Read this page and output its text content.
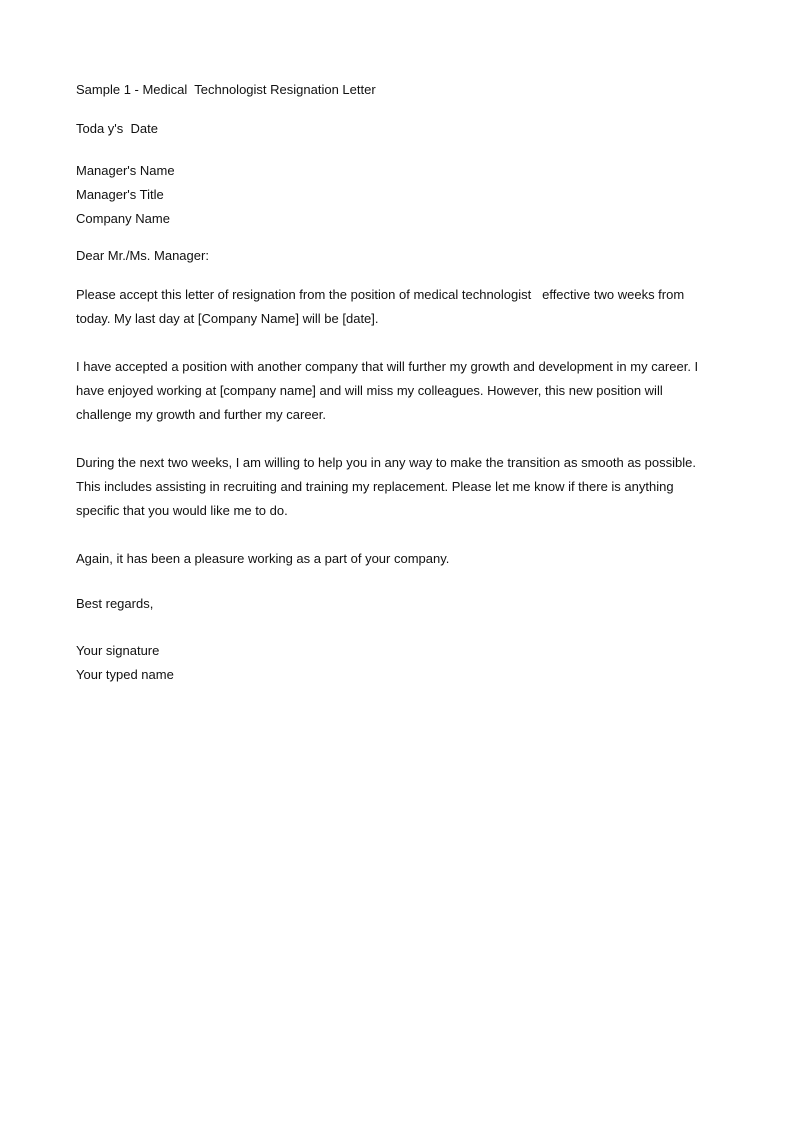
Sample 1 - Medical  Technologist Resignation Letter

Toda y's  Date

Manager's Name

Manager's Title

Company Name

Dear Mr./Ms. Manager:

Please accept this letter of resignation from the position of medical technologist   effective two weeks from
today. My last day at [Company Name] will be [date].

I have accepted a position with another company that will further my growth and development in my career. I
have enjoyed working at [company name] and will miss my colleagues. However, this new position will
challenge my growth and further my career.

During the next two weeks, I am willing to help you in any way to make the transition as smooth as possible.
This includes assisting in recruiting and training my replacement. Please let me know if there is anything
specific that you would like me to do.

Again, it has been a pleasure working as a part of your company.

Best regards,

Your signature

Your typed name
